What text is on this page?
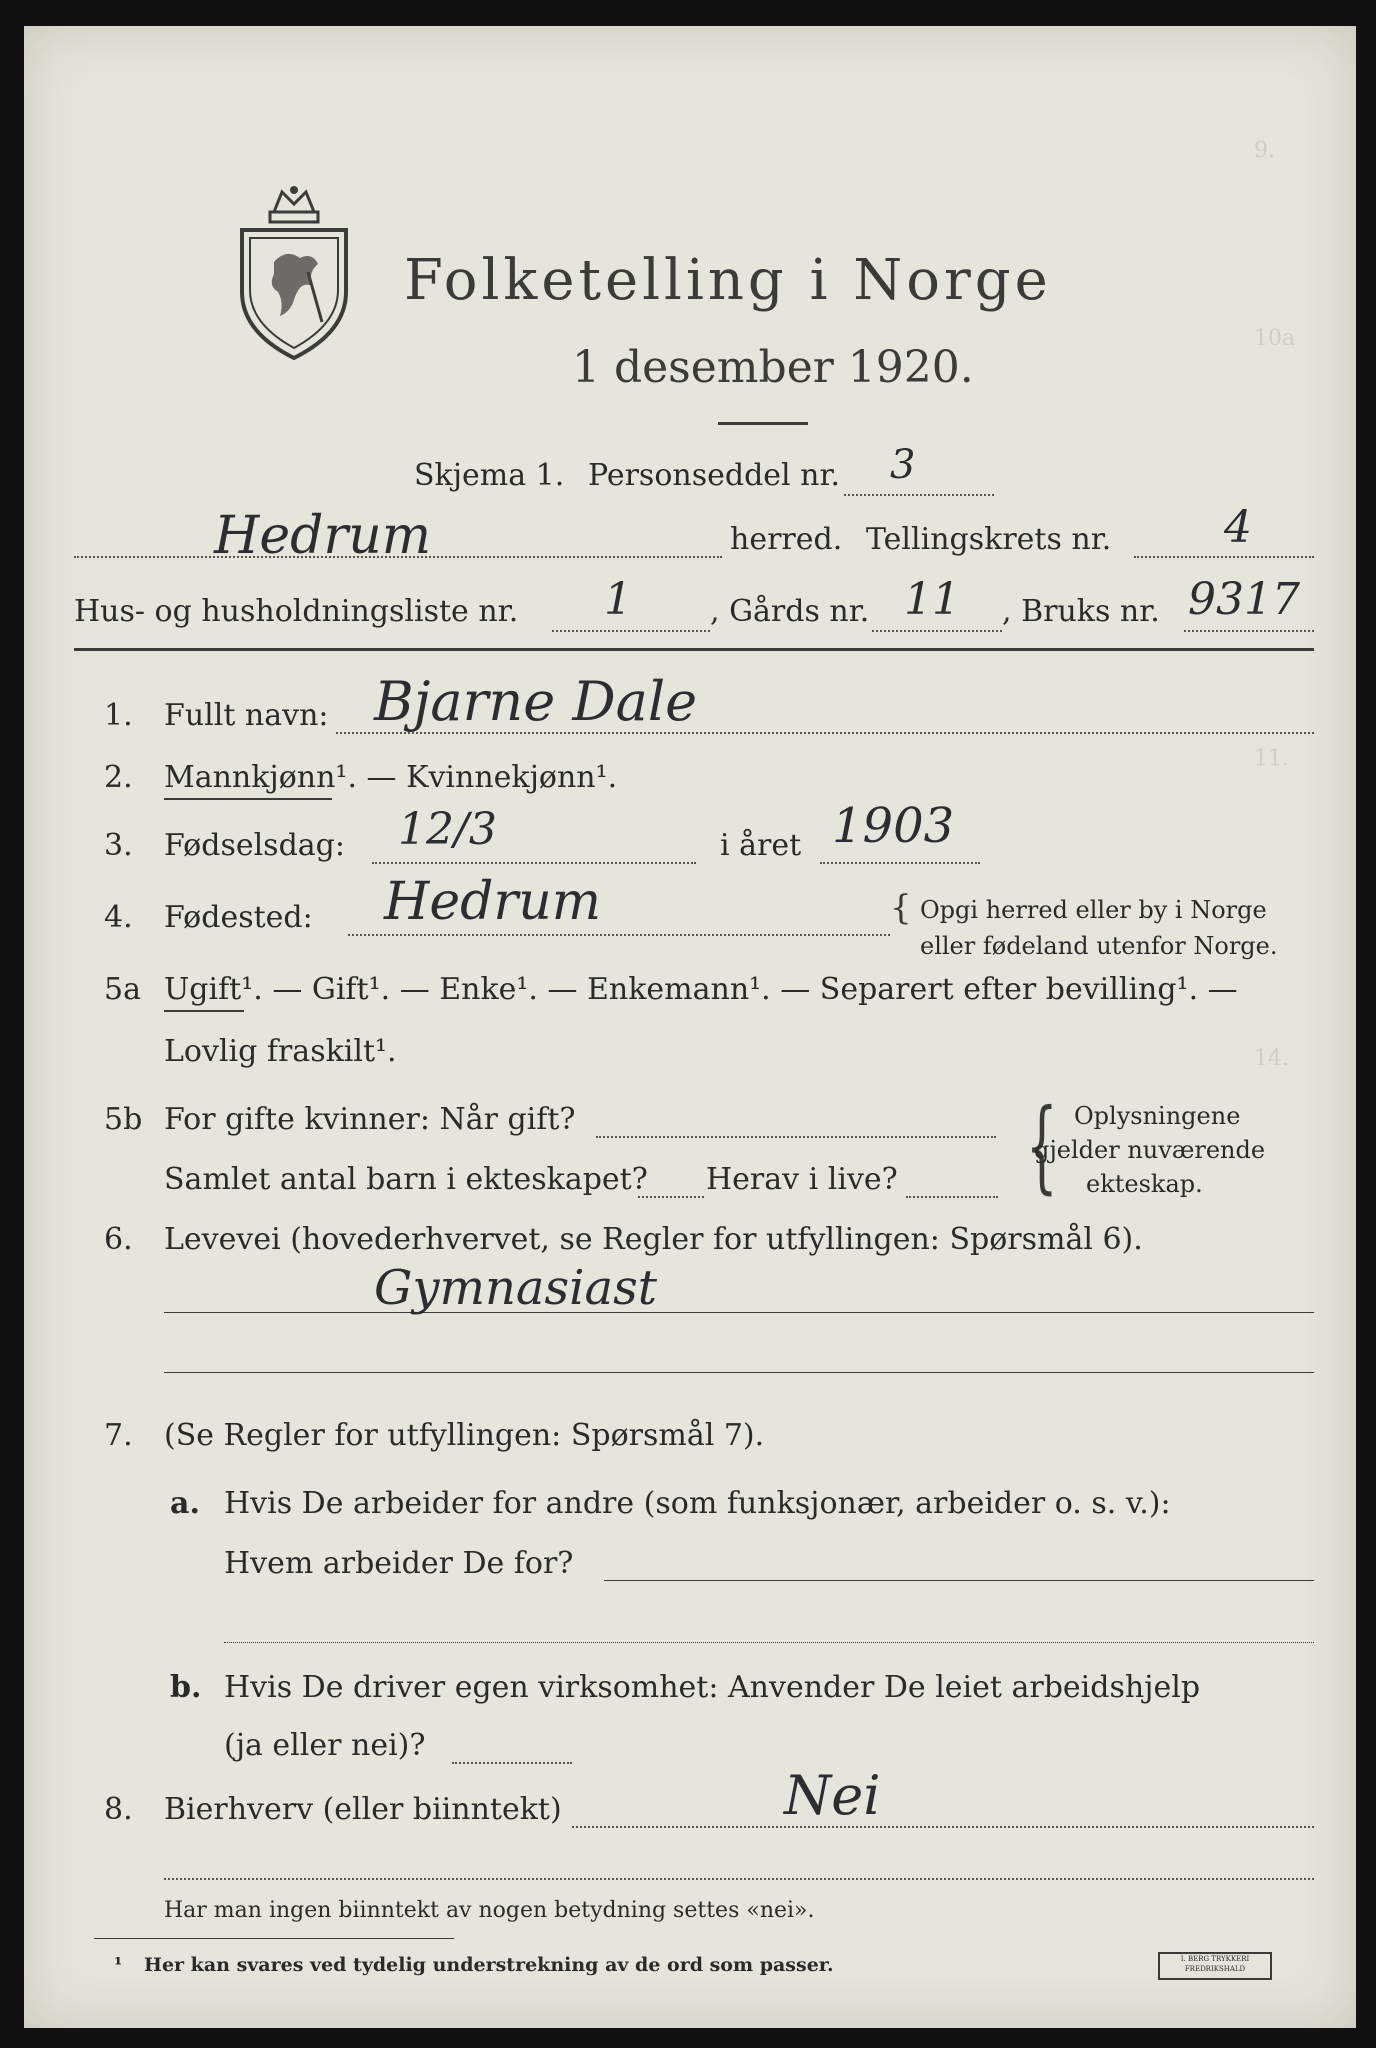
9.
10a
11.
14.
Folketelling i Norge
1 desember 1920.
Skjema 1. Personseddel nr. 3
Hedrum	herred. Tellingskrets nr.	4
Hus- og husholdningsliste nr. 1	, Gårds nr. 11 , Bruks nr. 9317
1. Fullt navn: Bjarne Dale
2. Mannkjønn¹. — Kvinnekjønn¹.
3. Fødselsdag: 12/3	i året 1903
4. Fødested: Hedrum	{ Opgi herred eller by i Norge
eller fødeland utenfor Norge.
5a Ugift¹. — Gift¹. — Enke¹. — Enkemann¹. — Separert efter bevilling¹. —
Lovlig fraskilt¹.
5b For gifte kvinner: Når gift?
Samlet antal barn i ekteskapet? Herav i live? { Oplysningene
gjelder nuværende
ekteskap.
6. Levevei (hovederhvervet, se Regler for utfyllingen: Spørsmål 6).
Gymnasiast
7. (Se Regler for utfyllingen: Spørsmål 7).
a. Hvis De arbeider for andre (som funksjonær, arbeider o. s. v.):
Hvem arbeider De for?
b. Hvis De driver egen virksomhet: Anvender De leiet arbeidshjelp
(ja eller nei)?
8. Bierhverv (eller biinntekt)	Nei
Har man ingen biinntekt av nogen betydning settes «nei».
¹ Her kan svares ved tydelig understrekning av de ord som passer.	I. BERG TRYKKERI FREDRIKSHALD
